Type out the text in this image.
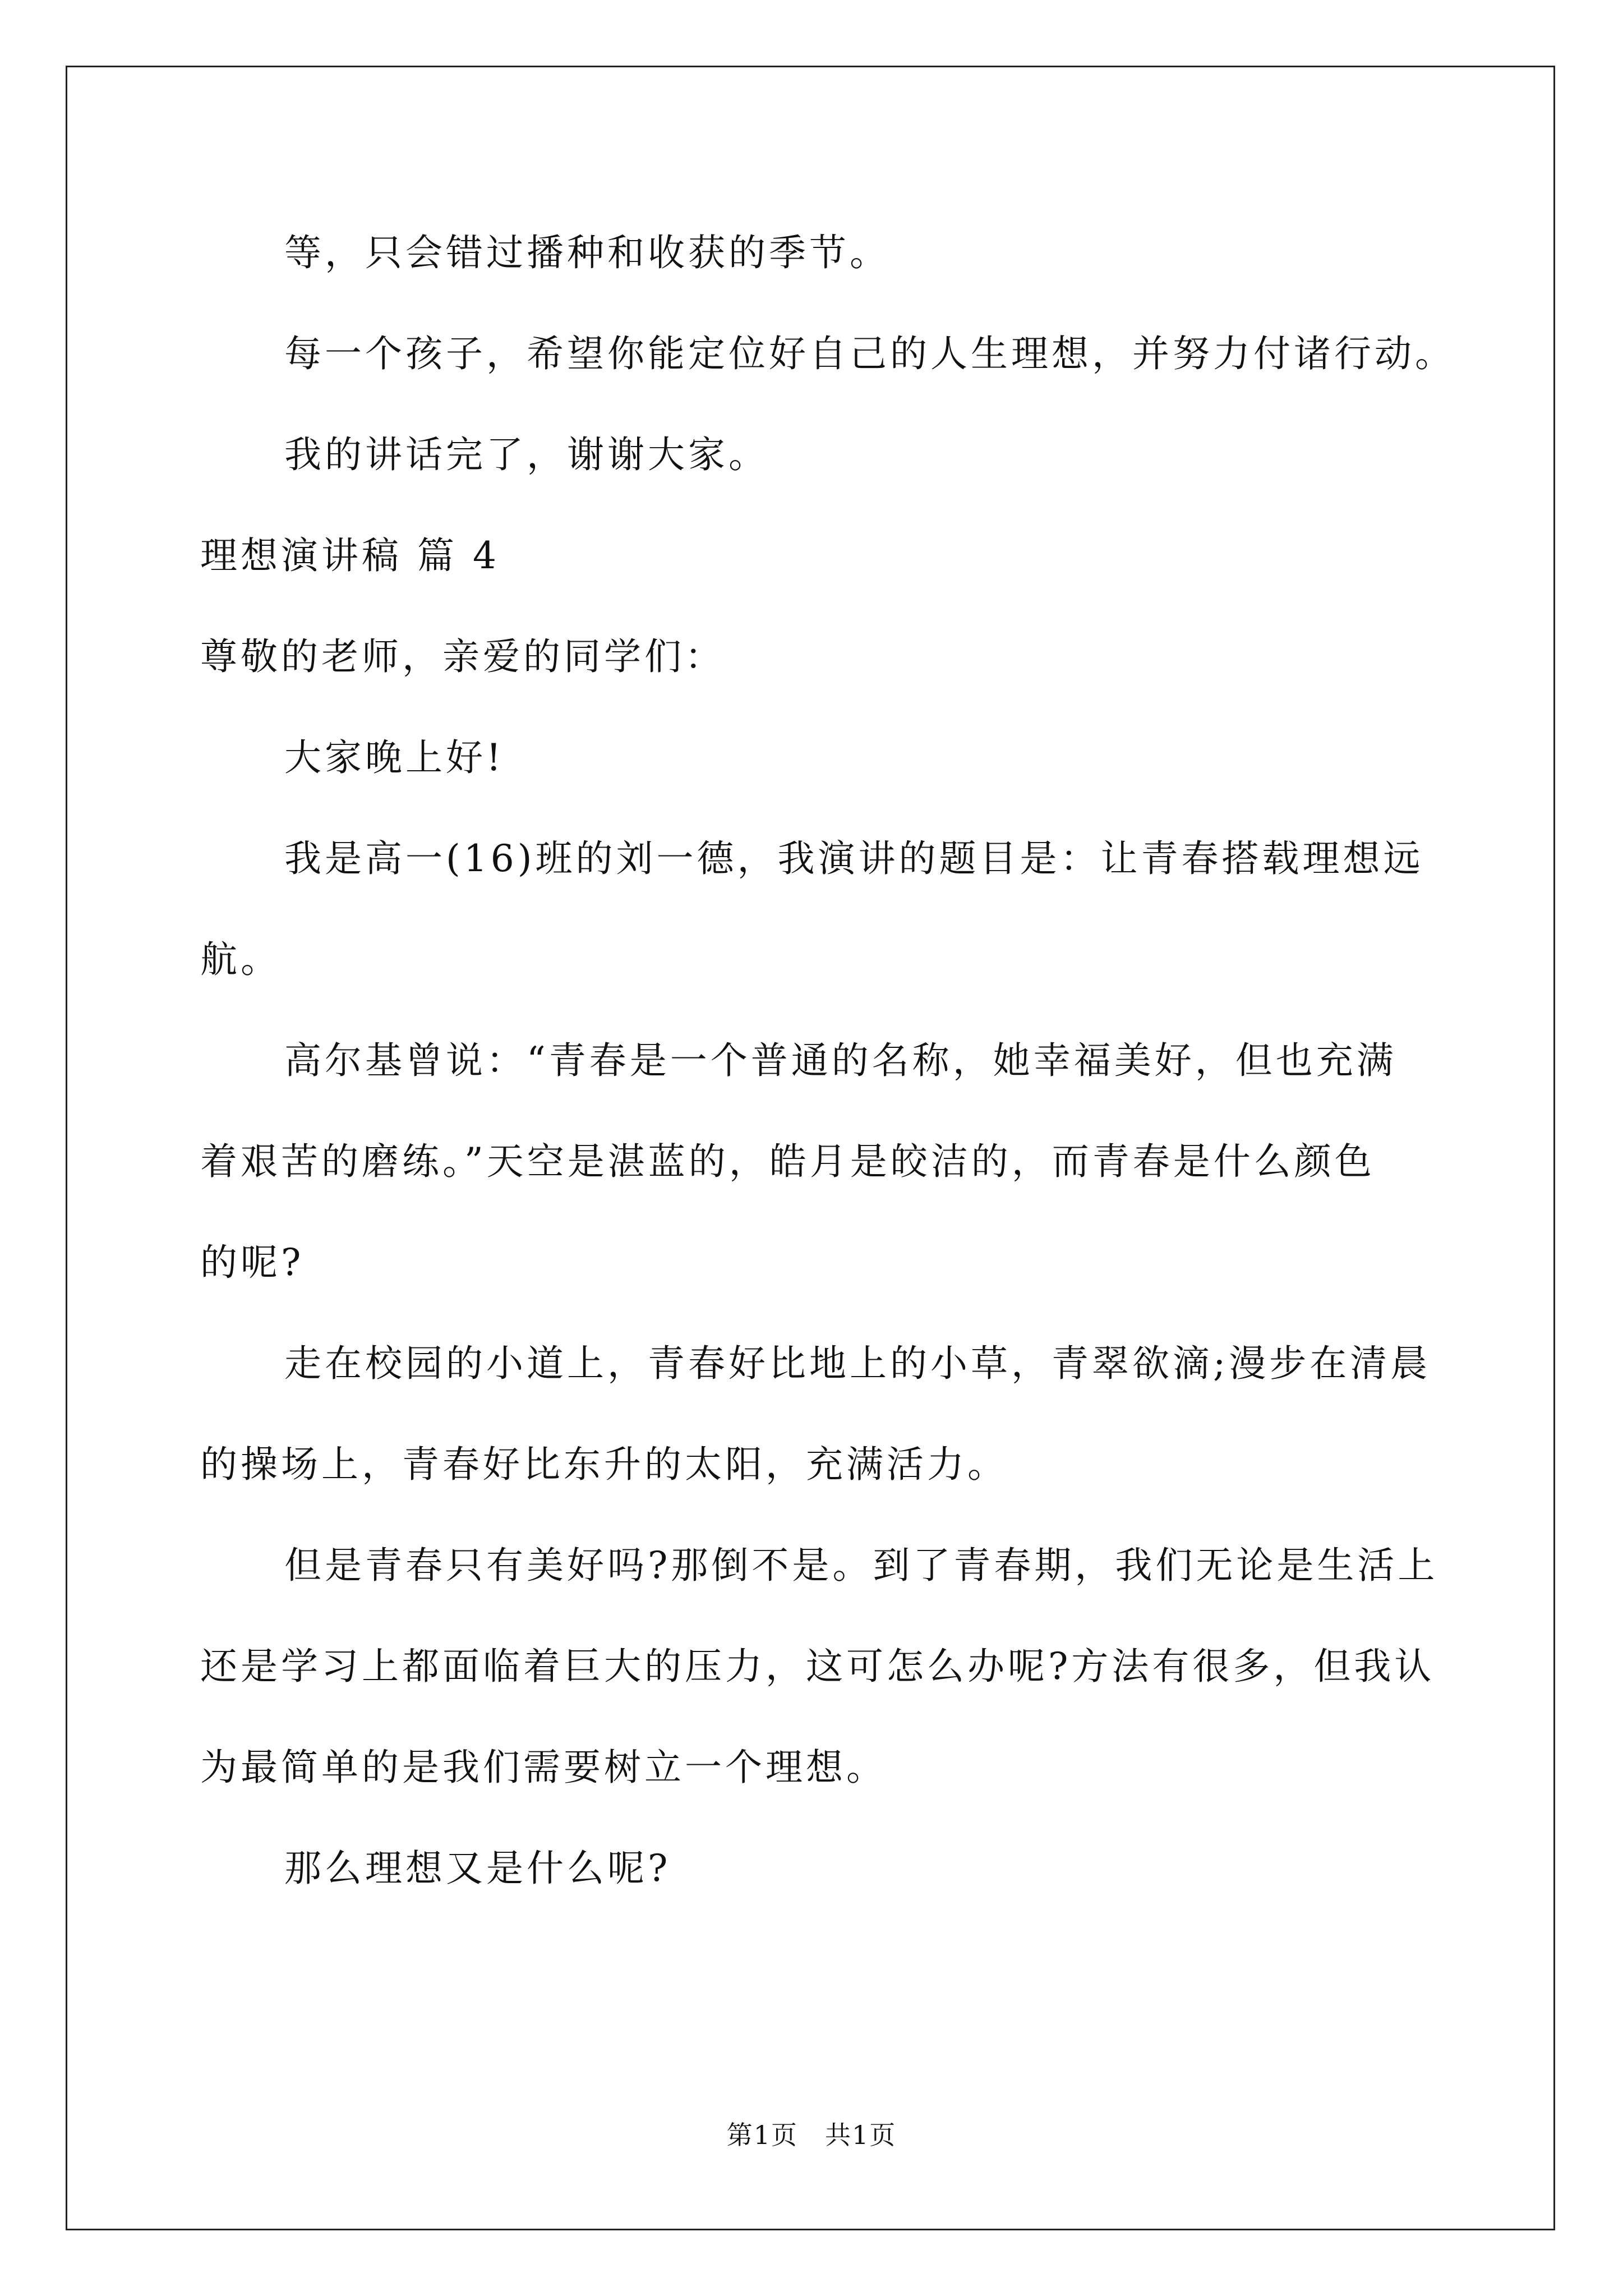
等，只会错过播种和收获的季节。
每一个孩子，希望你能定位好自己的人生理想，并努力付诸行动。
我的讲话完了，谢谢大家。
理想演讲稿 篇 4
尊敬的老师，亲爱的同学们：
大家晚上好!
我是高一(16)班的刘一德，我演讲的题目是：让青春搭载理想远
航。
高尔基曾说：“青春是一个普通的名称，她幸福美好，但也充满
着艰苦的磨练。”天空是湛蓝的，皓月是皎洁的，而青春是什么颜色
的呢?
走在校园的小道上，青春好比地上的小草，青翠欲滴;漫步在清晨
的操场上，青春好比东升的太阳，充满活力。
但是青春只有美好吗?那倒不是。到了青春期，我们无论是生活上
还是学习上都面临着巨大的压力，这可怎么办呢?方法有很多，但我认
为最简单的是我们需要树立一个理想。
那么理想又是什么呢?
第1页　共1页
